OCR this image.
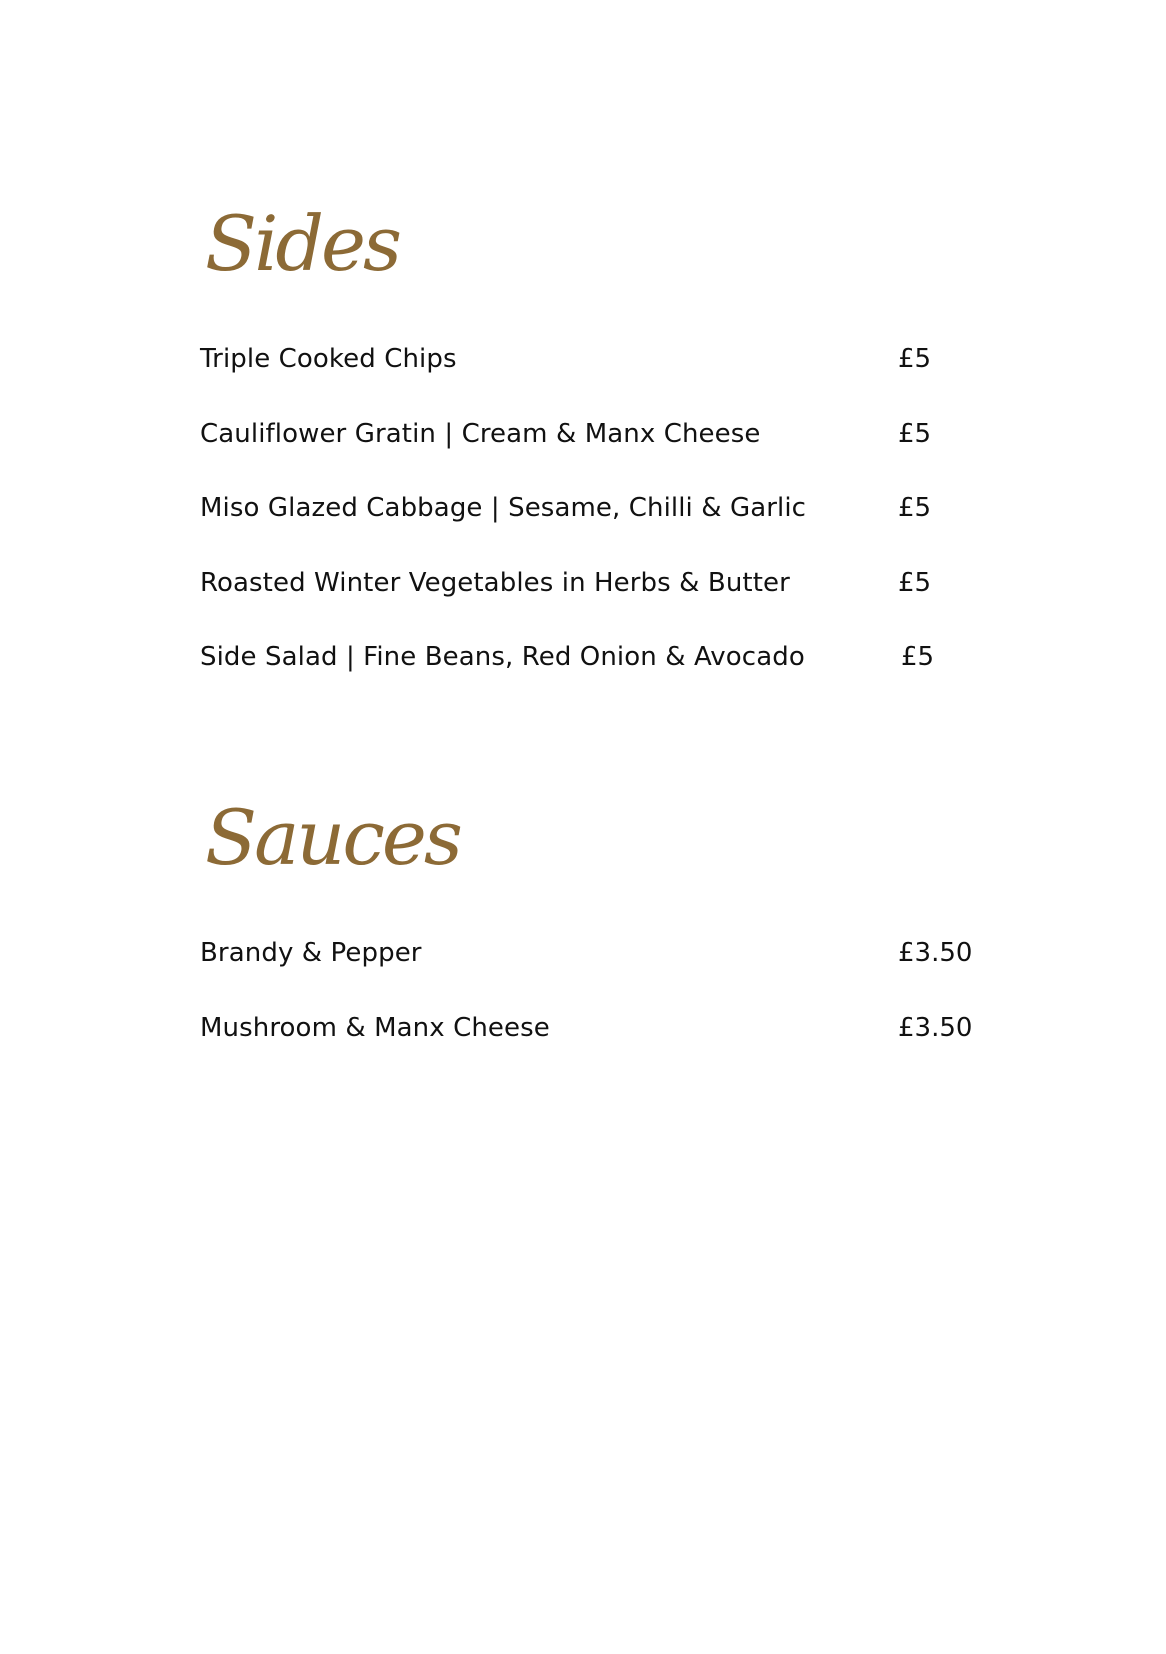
Sides
Triple Cooked Chips	£5
Cauliflower Gratin | Cream & Manx Cheese	£5
Miso Glazed Cabbage | Sesame, Chilli & Garlic	£5
Roasted Winter Vegetables in Herbs & Butter	£5
Side Salad | Fine Beans, Red Onion & Avocado	£5
Sauces
Brandy & Pepper	£3.50
Mushroom & Manx Cheese	£3.50
